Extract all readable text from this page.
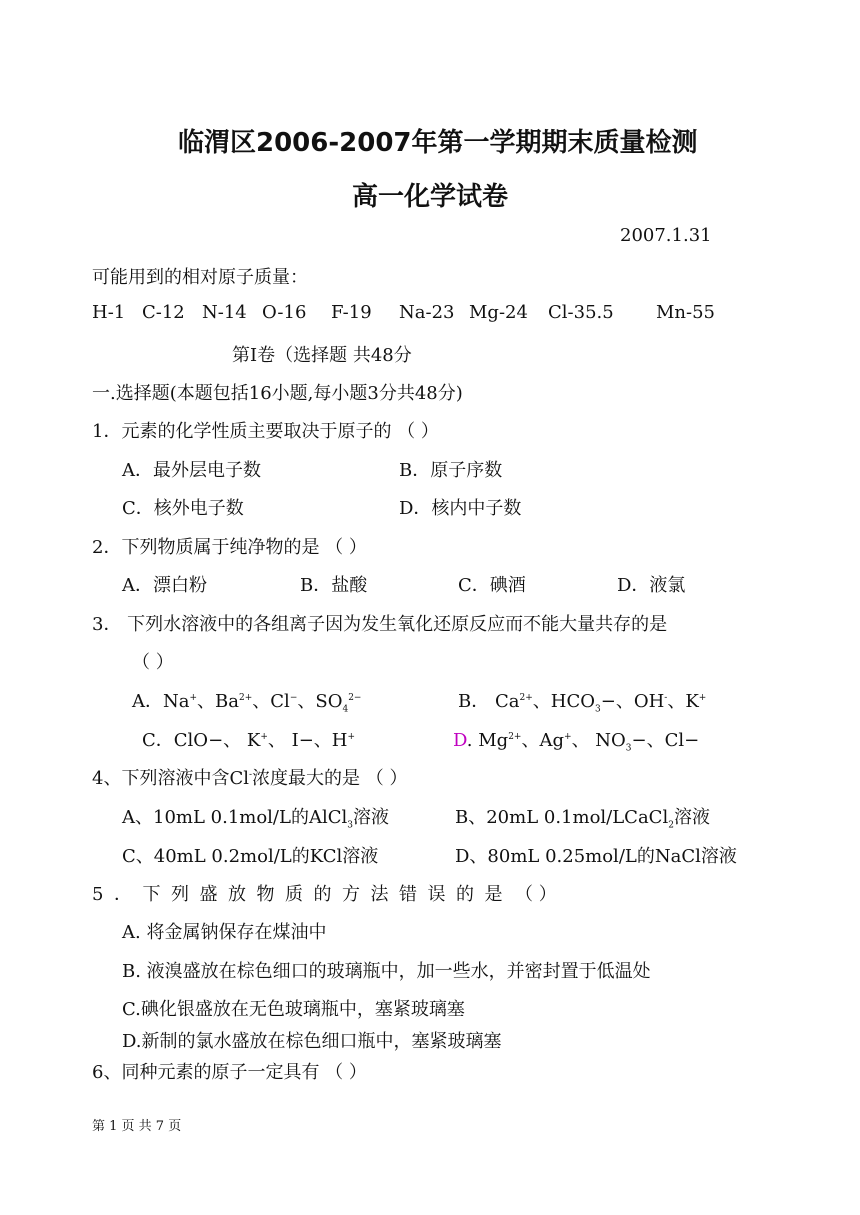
临渭区2006-2007年第一学期期末质量检测
高一化学试卷
2007.1.31
可能用到的相对原子质量：
H-1 C-12 N-14 O-16 F-19 Na-23 Mg-24 Cl-35.5 Mn-55
第Ⅰ卷（选择题 共48分
一.选择题(本题包括16小题,每小题3分共48分)
1．元素的化学性质主要取决于原子的 （ ）
A．最外层电子数	B．原子序数
C．核外电子数	D．核内中子数
2．下列物质属于纯净物的是 （ ）
A．漂白粉	B．盐酸	C．碘酒	D．液氯
3． 下列水溶液中的各组离子因为发生氧化还原反应而不能大量共存的是
（ ）
A．Na+、$Ba^{2+}$、Cl−、$SO_4^{2-}$	B． $Ca^{2+}$、$HCO_3-$、OH-、K+
C．ClO−、 K+、 I−、H+	D. $Mg^{2+}$、Ag+、 $NO_3-$、Cl−
4、下列溶液中含Cl-浓度最大的是 （ ）
A、10mL 0.1mol/L的AlCl$_3$溶液	B、20mL 0.1mol/LCaCl$_2$溶液
C、40mL 0.2mol/L的KCl溶液	D、80mL 0.25mol/L的NaCl溶液
5．下列盛放物质的方法错误的是 （ ）
A. 将金属钠保存在煤油中
B. 液溴盛放在棕色细口的玻璃瓶中，加一些水，并密封置于低温处
C.碘化银盛放在无色玻璃瓶中，塞紧玻璃塞
D.新制的氯水盛放在棕色细口瓶中，塞紧玻璃塞
6、同种元素的原子一定具有 （ ）
第 1 页 共 7 页
